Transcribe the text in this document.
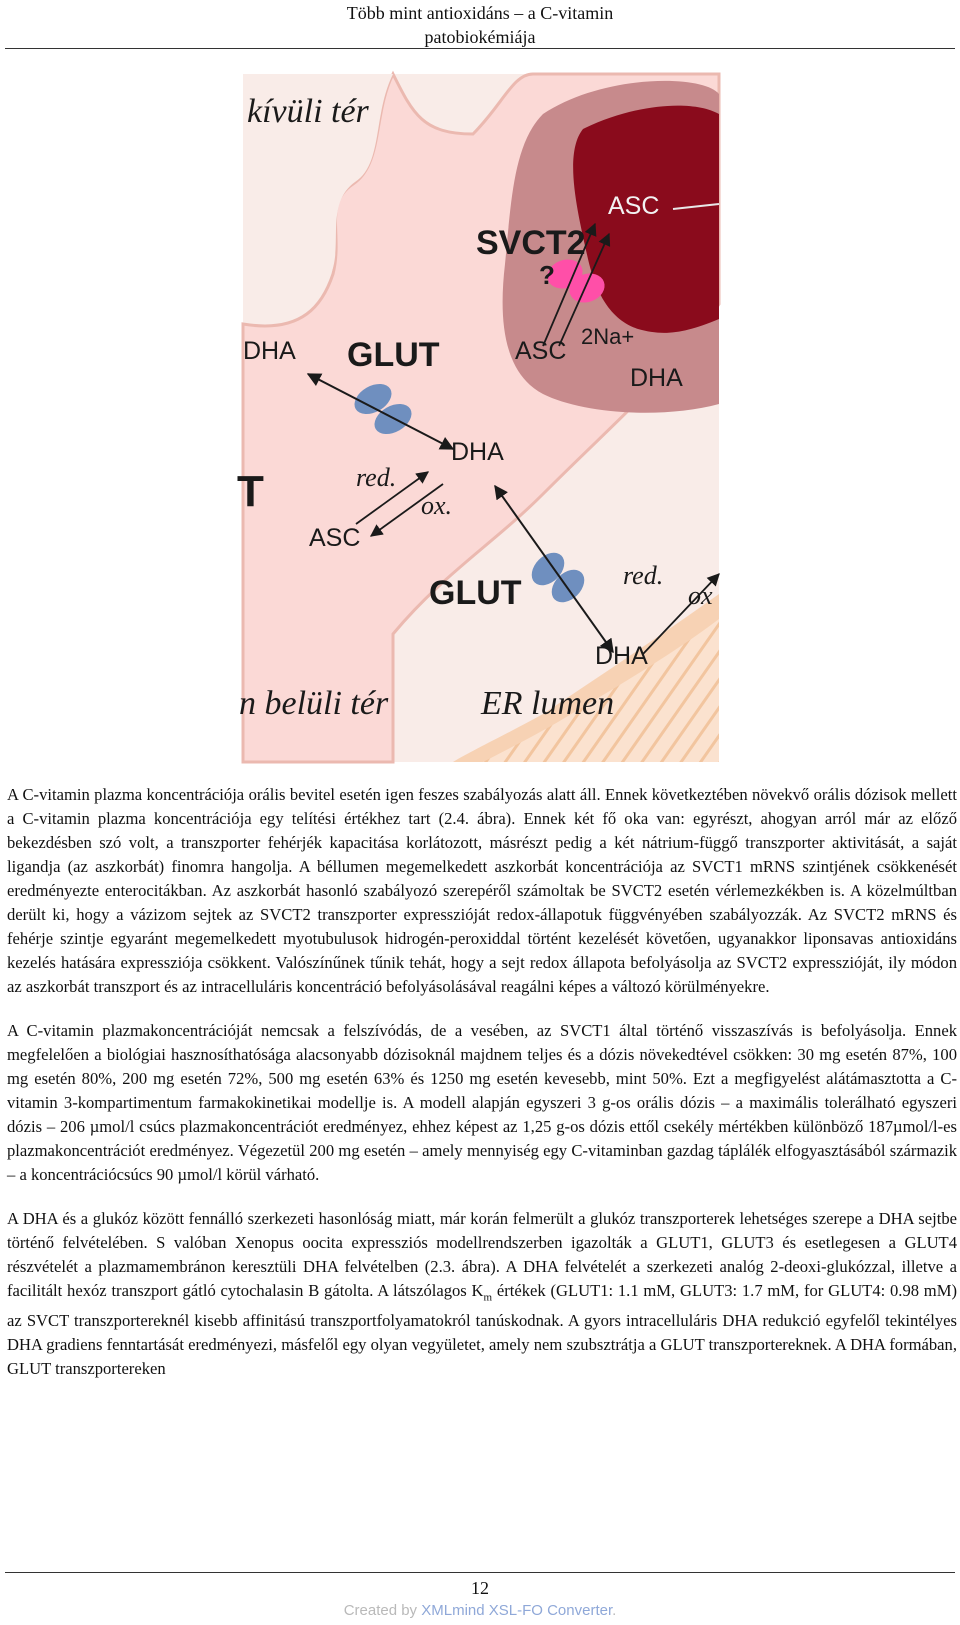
Több mint antioxidáns – a C-vitamin
patobiokémiája
kívüli tér
SVCT2
?
ASC
2Na+
ASC
DHA
DHA GLUT
DHA
red.
ox.
T
ASC
GLUT	red.
ox
DHA
n belüli tér	ER lumen

A C-vitamin plazma koncentrációja orális bevitel esetén igen feszes szabályozás alatt áll. Ennek következtében növekvő orális dózisok mellett a C-vitamin plazma koncentrációja egy telítési értékhez tart (2.4. ábra). Ennek két fő oka van: egyrészt, ahogyan arról már az előző bekezdésben szó volt, a transzporter fehérjék kapacitása korlátozott, másrészt pedig a két nátrium-függő transzporter aktivitását, a saját ligandja (az aszkorbát) finomra hangolja. A béllumen megemelkedett aszkorbát koncentrációja az SVCT1 mRNS szintjének csökkenését eredményezte enterocitákban. Az aszkorbát hasonló szabályozó szerepéről számoltak be SVCT2 esetén vérlemezkékben is. A közelmúltban derült ki, hogy a vázizom sejtek az SVCT2 transzporter expresszióját redox-állapotuk függvényében szabályozzák. Az SVCT2 mRNS és fehérje szintje egyaránt megemelkedett myotubulusok hidrogén-peroxiddal történt kezelését követően, ugyanakkor liponsavas antioxidáns kezelés hatására expressziója csökkent. Valószínűnek tűnik tehát, hogy a sejt redox állapota befolyásolja az SVCT2 expresszióját, ily módon az aszkorbát transzport és az intracelluláris koncentráció befolyásolásával reagálni képes a változó körülményekre.

A C-vitamin plazmakoncentrációját nemcsak a felszívódás, de a vesében, az SVCT1 által történő visszaszívás is befolyásolja. Ennek megfelelően a biológiai hasznosíthatósága alacsonyabb dózisoknál majdnem teljes és a dózis növekedtével csökken: 30 mg esetén 87%, 100 mg esetén 80%, 200 mg esetén 72%, 500 mg esetén 63% és 1250 mg esetén kevesebb, mint 50%. Ezt a megfigyelést alátámasztotta a C-vitamin 3-kompartimentum farmakokinetikai modellje is. A modell alapján egyszeri 3 g-os orális dózis – a maximális tolerálható egyszeri dózis – 206 µmol/l csúcs plazmakoncentrációt eredményez, ehhez képest az 1,25 g-os dózis ettől csekély mértékben különböző 187µmol/l-es plazmakoncentrációt eredményez. Végezetül 200 mg esetén – amely mennyiség egy C-vitaminban gazdag táplálék elfogyasztásából származik – a koncentrációcsúcs 90 µmol/l körül várható.

A DHA és a glukóz között fennálló szerkezeti hasonlóság miatt, már korán felmerült a glukóz transzporterek lehetséges szerepe a DHA sejtbe történő felvételében. S valóban Xenopus oocita expressziós modellrendszerben igazolták a GLUT1, GLUT3 és esetlegesen a GLUT4 részvételét a plazmamembránon keresztüli DHA felvételben (2.3. ábra). A DHA felvételét a szerkezeti analóg 2-deoxi-glukózzal, illetve a facilitált hexóz transzport gátló cytochalasin B gátolta. A látszólagos $K_m$ értékek (GLUT1: 1.1 mM, GLUT3: 1.7 mM, for GLUT4: 0.98 mM) az SVCT transzportereknél kisebb affinitású transzportfolyamatokról tanúskodnak. A gyors intracelluláris DHA redukció egyfelől tekintélyes DHA gradiens fenntartását eredményezi, másfelől egy olyan vegyületet, amely nem szubsztrátja a GLUT transzportereknek. A DHA formában, GLUT transzportereken

12
Created by XMLmind XSL-FO Converter.
